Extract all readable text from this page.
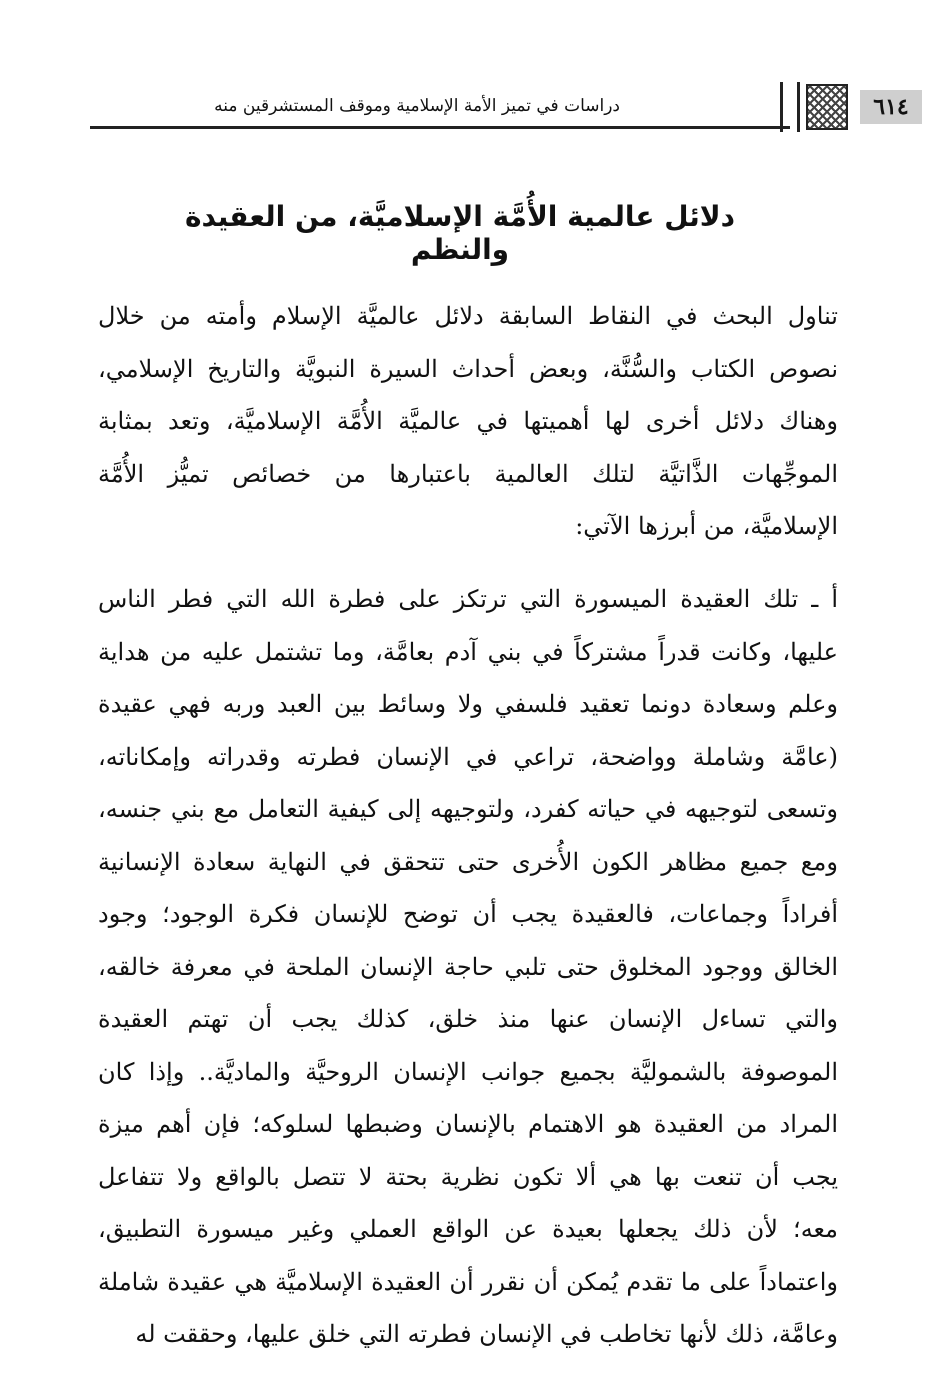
دراسات في تميز الأمة الإسلامية وموقف المستشرقين منه	٦١٤
دلائل عالمية الأُمَّة الإسلاميَّة، من العقيدة والنظم
تناول البحث في النقاط السابقة دلائل عالميَّة الإسلام وأمته من خلال
نصوص الكتاب والسُّنَّة، وبعض أحداث السيرة النبويَّة والتاريخ الإسلامي،
وهناك دلائل أخرى لها أهميتها في عالميَّة الأُمَّة الإسلاميَّة، وتعد بمثابة
الموجِّهات الذَّاتيَّة لتلك العالمية باعتبارها من خصائص تميُّز الأُمَّة
الإسلاميَّة، من أبرزها الآتي:
أ ـ تلك العقيدة الميسورة التي ترتكز على فطرة الله التي فطر الناس
عليها، وكانت قدراً مشتركاً في بني آدم بعامَّة، وما تشتمل عليه من هداية
وعلم وسعادة دونما تعقيد فلسفي ولا وسائط بين العبد وربه فهي عقيدة
(عامَّة وشاملة وواضحة، تراعي في الإنسان فطرته وقدراته وإمكاناته،
وتسعى لتوجيهه في حياته كفرد، ولتوجيهه إلى كيفية التعامل مع بني جنسه،
ومع جميع مظاهر الكون الأُخرى حتى تتحقق في النهاية سعادة الإنسانية
أفراداً وجماعات، فالعقيدة يجب أن توضح للإنسان فكرة الوجود؛ وجود
الخالق ووجود المخلوق حتى تلبي حاجة الإنسان الملحة في معرفة خالقه،
والتي تساءل الإنسان عنها منذ خلق، كذلك يجب أن تهتم العقيدة
الموصوفة بالشموليَّة بجميع جوانب الإنسان الروحيَّة والماديَّة.. وإذا كان
المراد من العقيدة هو الاهتمام بالإنسان وضبطها لسلوكه؛ فإن أهم ميزة
يجب أن تنعت بها هي ألا تكون نظرية بحتة لا تتصل بالواقع ولا تتفاعل
معه؛ لأن ذلك يجعلها بعيدة عن الواقع العملي وغير ميسورة التطبيق،
واعتماداً على ما تقدم يُمكن أن نقرر أن العقيدة الإسلاميَّة هي عقيدة شاملة
وعامَّة، ذلك لأنها تخاطب في الإنسان فطرته التي خلق عليها، وحققت له
